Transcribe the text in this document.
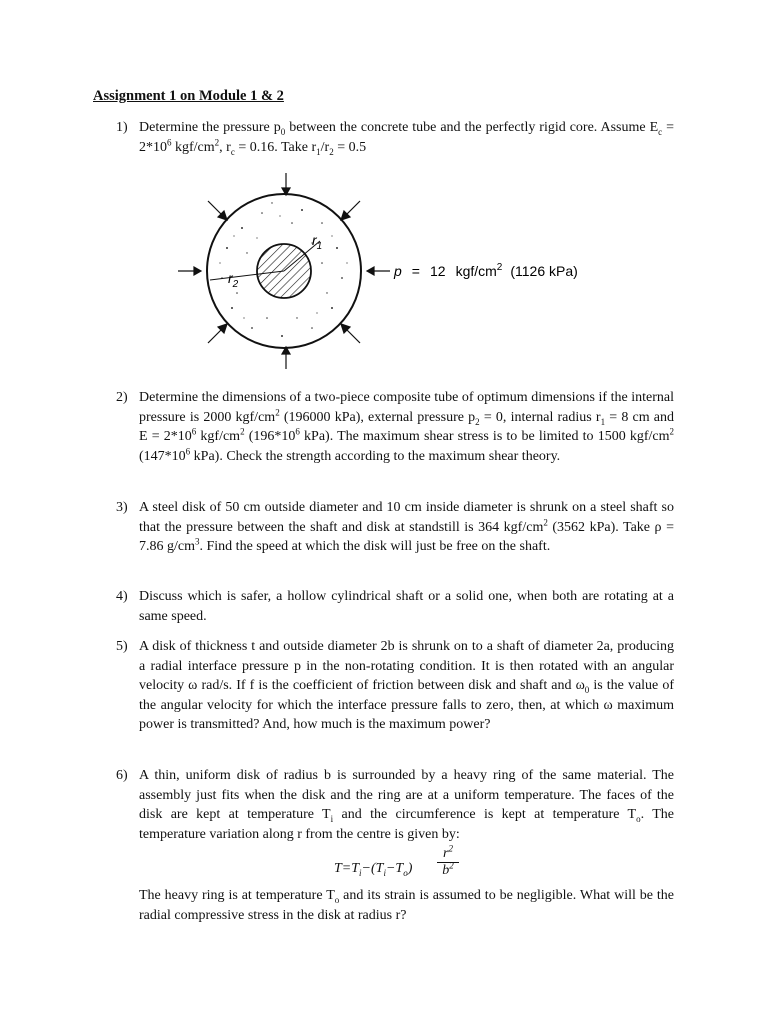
Assignment 1 on Module 1 & 2
1) Determine the pressure $p_0$ between the concrete tube and the perfectly rigid core. Assume $E_c = 2*10^6$ kgf/$cm^2$, $r_c = 0.16$. Take $r_1/r_2 = 0.5$
$r_1$
$r_2$
p = 12 kgf/$cm^2$ (1126 kPa)
2) Determine the dimensions of a two-piece composite tube of optimum dimensions if the internal pressure is 2000 kgf/$cm^2$ (196000 kPa), external pressure $p_2 = 0$, internal radius $r_1 = 8$ cm and $E = 2*10^6$ kgf/$cm^2$ ($196*10^6$ kPa). The maximum shear stress is to be limited to 1500 kgf/$cm^2$ ($147*10^6$ kPa). Check the strength according to the maximum shear theory.
3) A steel disk of 50 cm outside diameter and 10 cm inside diameter is shrunk on a steel shaft so that the pressure between the shaft and disk at standstill is 364 kgf/$cm^2$ (3562 kPa). Take ρ = 7.86 $g/cm^3$. Find the speed at which the disk will just be free on the shaft.
4) Discuss which is safer, a hollow cylindrical shaft or a solid one, when both are rotating at a same speed.
5) A disk of thickness t and outside diameter 2b is shrunk on to a shaft of diameter 2a, producing a radial interface pressure p in the non-rotating condition. It is then rotated with an angular velocity ω rad/s. If f is the coefficient of friction between disk and shaft and $\omega_0$ is the value of the angular velocity for which the interface pressure falls to zero, then, at which ω maximum power is transmitted? And, how much is the maximum power?
6) A thin, uniform disk of radius b is surrounded by a heavy ring of the same material. The assembly just fits when the disk and the ring are at a uniform temperature. The faces of the disk are kept at temperature $T_i$ and the circumference is kept at temperature $T_o$. The temperature variation along r from the centre is given by:

$T=T_i-(T_i-T_o) \frac{r^2}{b^2}$

The heavy ring is at temperature $T_o$ and its strain is assumed to be negligible. What will be the radial compressive stress in the disk at radius r?
